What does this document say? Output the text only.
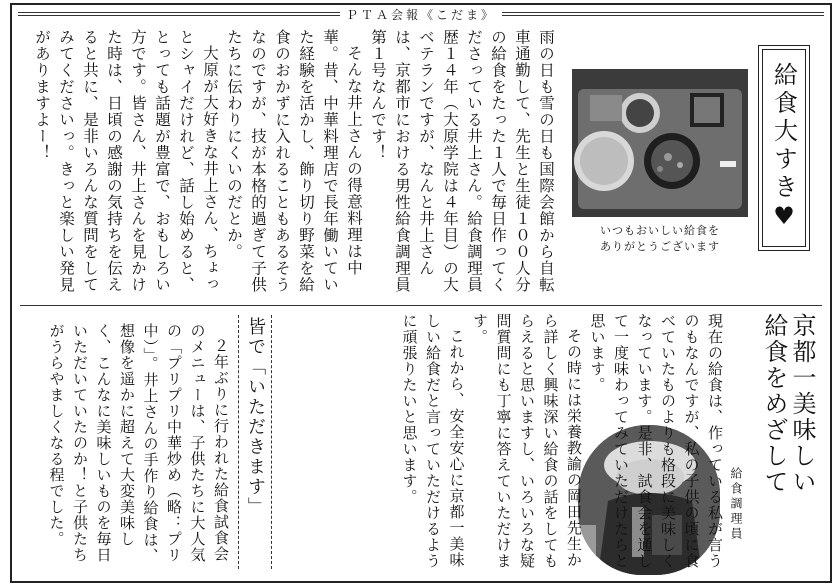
ＰＴＡ会報《こだま》
給食大すき
♥
いつもおいしい給食を
ありがとうございます

雨の日も雪の日も国際会館から自転車通勤して、先生と生徒１００人分の給食をたった１人で毎日作ってくださっている井上さん。給食調理員歴１４年（大原学院は４年目）の大ベテランですが、なんと井上さんは、京都市における男性給食調理員第１号なんです！

そんな井上さんの得意料理は中華。昔、中華料理店で長年働いていた経験を活かし、飾り切り野菜を給食のおかずに入れることもあるそうなのですが、技が本格的過ぎて子供たちに伝わりにくいのだとか。

大原が大好きな井上さん、ちょっとシャイだけれど、話し始めると、とっても話題が豊富で、おもしろい方です。皆さん、井上さんを見かけた時は、日頃の感謝の気持ちを伝えると共に、是非いろんな質問をしてみてくださいっ。きっと楽しい発見がありますよー！

京都一美味しい
給食をめざして
給食調理員

現在の給食は、作っている私が言うのもなんですが、私の子供の頃に食べていたものよりも格段に美味しくなっています。是非、試食会を通して一度味わってみていただけたらと思います。

その時には栄養教諭の岡田先生から詳しく興味深い給食の話をしてもらえると思いますし、いろいろな疑問質問にも丁寧に答えていただけます。

これから、安全安心に京都一美味しい給食だと言っていただけるように頑張りたいと思います。

皆で「いただきます」

２年ぶりに行われた給食試食会のメニューは、子供たちに大人気の「プリプリ中華炒め（略：プリ中）」。井上さんの手作り給食は、想像を遥かに超えて大変美味しく、こんなに美味しいものを毎日いただいていたのか！と子供たちがうらやましくなる程でした。
